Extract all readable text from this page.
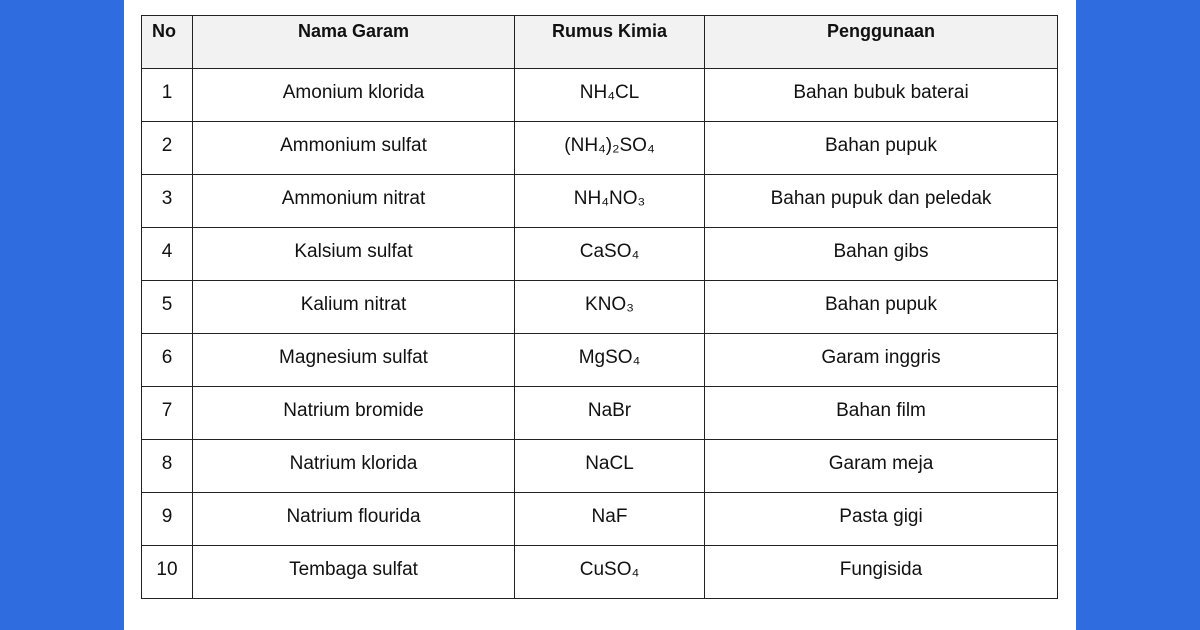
No	Nama Garam	Rumus Kimia	Penggunaan
1	Amonium klorida	NH₄CL	Bahan bubuk baterai
2	Ammonium sulfat	(NH₄)₂SO₄	Bahan pupuk
3	Ammonium nitrat	NH₄NO₃	Bahan pupuk dan peledak
4	Kalsium sulfat	CaSO₄	Bahan gibs
5	Kalium nitrat	KNO₃	Bahan pupuk
6	Magnesium sulfat	MgSO₄	Garam inggris
7	Natrium bromide	NaBr	Bahan film
8	Natrium klorida	NaCL	Garam meja
9	Natrium flourida	NaF	Pasta gigi
10	Tembaga sulfat	CuSO₄	Fungisida
